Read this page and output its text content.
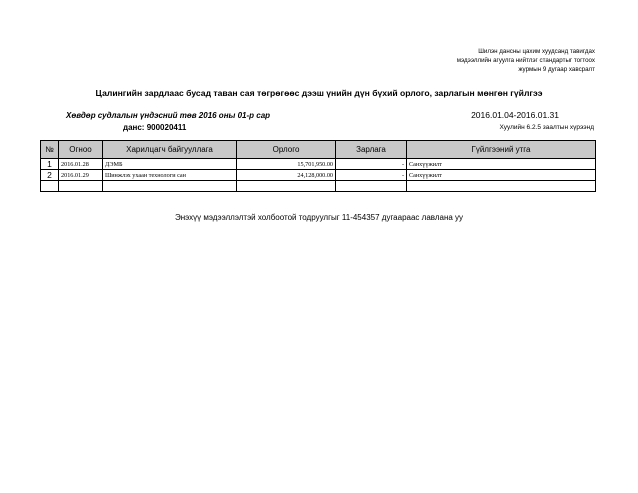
Шилэн дансны цахим хуудсанд тавигдах
мэдээллийн агуулга нийтлэг стандартыг тогтоох
журмын 9 дугаар хавсралт
Цалингийн зардлаас бусад таван сая төгрөгөөс дээш үнийн дүн бүхий орлого, зарлагын мөнгөн гүйлгээ
Хөвдөр судлалын үндэсний төв 2016 оны 01-р сар
данс: 900020411
2016.01.04-2016.01.31
Хуулийн 6.2.5 заалтын хүрээнд
№	Огноо	Харилцагч байгууллага	Орлого	Зарлага	Гүйлгээний утга
1	2016.01.28	ДЭМБ	15,701,950.00	-	Санхүүжилт
2	2016.01.29	Шинжлэх ухаан технологи сан	24,128,000.00	-	Санхүүжилт

Энэхүү мэдээллэлтэй холбоотой тодруулгыг 11-454357 дугаараас лавлана уу
